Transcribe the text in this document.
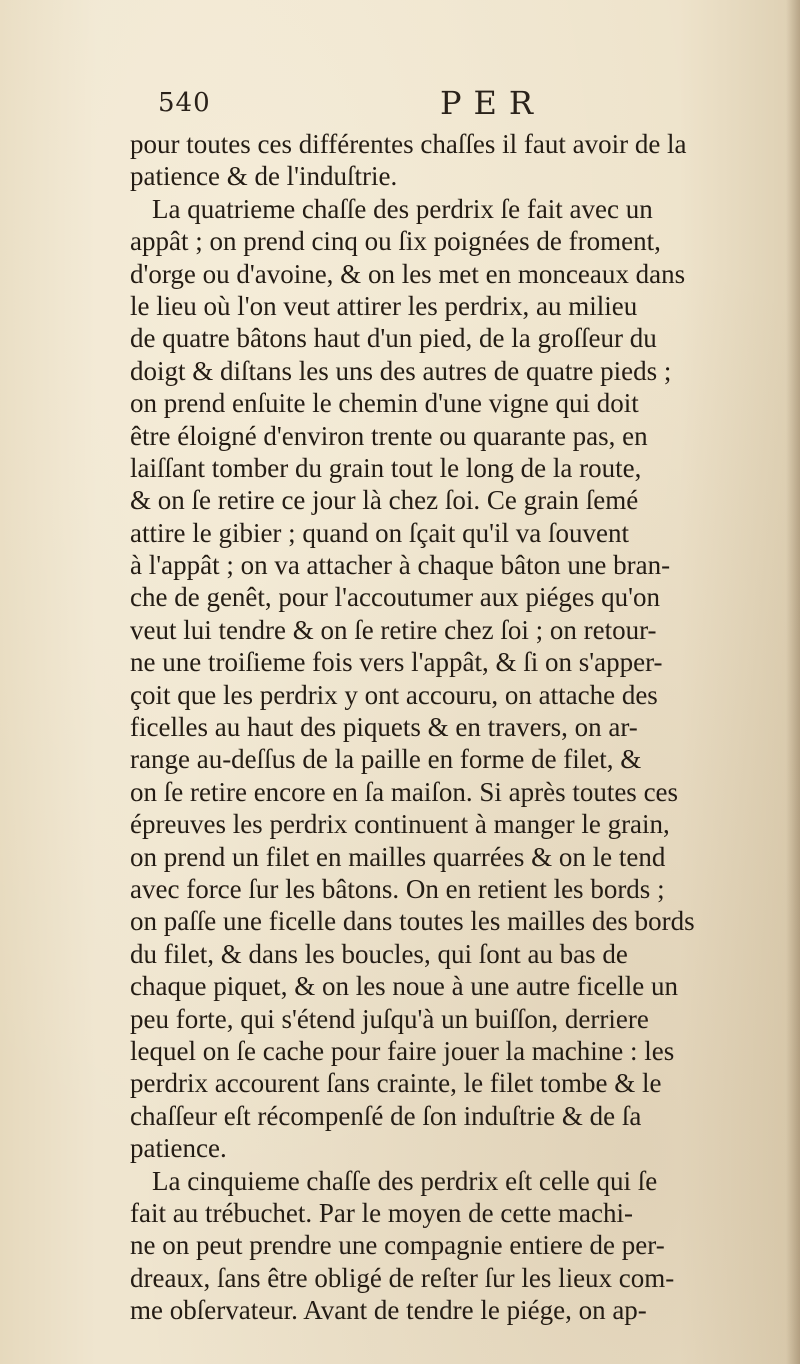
540	PER
pour toutes ces différentes chaſſes il faut avoir de la
patience & de l'induſtrie.
La quatrieme chaſſe des perdrix ſe fait avec un
appât ; on prend cinq ou ſix poignées de froment,
d'orge ou d'avoine, & on les met en monceaux dans
le lieu où l'on veut attirer les perdrix, au milieu
de quatre bâtons haut d'un pied, de la groſſeur du
doigt & diſtans les uns des autres de quatre pieds ;
on prend enſuite le chemin d'une vigne qui doit
être éloigné d'environ trente ou quarante pas, en
laiſſant tomber du grain tout le long de la route,
& on ſe retire ce jour là chez ſoi. Ce grain ſemé
attire le gibier ; quand on ſçait qu'il va ſouvent
à l'appât ; on va attacher à chaque bâton une bran-
che de genêt, pour l'accoutumer aux piéges qu'on
veut lui tendre & on ſe retire chez ſoi ; on retour-
ne une troiſieme fois vers l'appât, & ſi on s'apper-
çoit que les perdrix y ont accouru, on attache des
ficelles au haut des piquets & en travers, on ar-
range au-deſſus de la paille en forme de filet, &
on ſe retire encore en ſa maiſon. Si après toutes ces
épreuves les perdrix continuent à manger le grain,
on prend un filet en mailles quarrées & on le tend
avec force ſur les bâtons. On en retient les bords ;
on paſſe une ficelle dans toutes les mailles des bords
du filet, & dans les boucles, qui ſont au bas de
chaque piquet, & on les noue à une autre ficelle un
peu forte, qui s'étend juſqu'à un buiſſon, derriere
lequel on ſe cache pour faire jouer la machine : les
perdrix accourent ſans crainte, le filet tombe & le
chaſſeur eſt récompenſé de ſon induſtrie & de ſa
patience.
La cinquieme chaſſe des perdrix eſt celle qui ſe
fait au trébuchet. Par le moyen de cette machi-
ne on peut prendre une compagnie entiere de per-
dreaux, ſans être obligé de reſter ſur les lieux com-
me obſervateur. Avant de tendre le piége, on ap-
